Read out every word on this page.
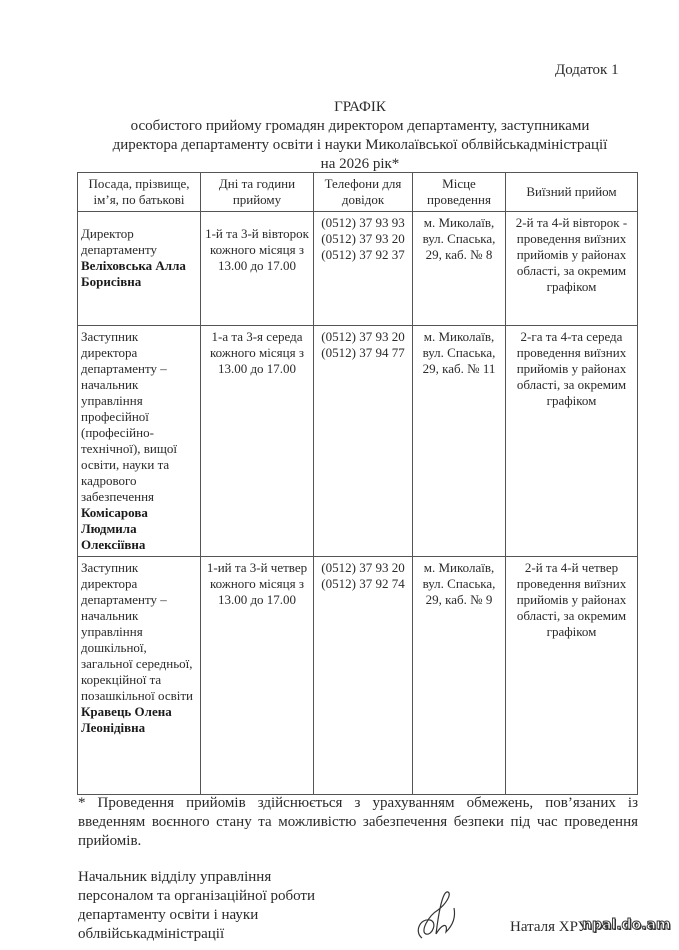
Додаток 1
ГРАФІК
особистого прийому громадян директором департаменту, заступниками
директора департаменту освіти і науки Миколаївської облвійськадміністрації
на 2026 рік*
Посада, прізвище, ім’я, по батькові	Дні та години прийому	Телефони для довідок	Місце проведення	Виїзний прийом
Директор департаменту
Веліховська Алла Борисівна	1-й та 3-й вівторок кожного місяця з 13.00 до 17.00	(0512) 37 93 93 (0512) 37 93 20 (0512) 37 92 37	м. Миколаїв, вул. Спаська, 29, каб. № 8	2-й та 4-й вівторок - проведення виїзних прийомів у районах області, за окремим графіком
Заступник директора департаменту – начальник управління професійної (професійно-технічної), вищої освіти, науки та кадрового забезпечення
Комісарова Людмила Олексіївна	1-а та 3-я середа кожного місяця з 13.00 до 17.00	(0512) 37 93 20 (0512) 37 94 77	м. Миколаїв, вул. Спаська, 29, каб. № 11	2-га та 4-та середа проведення виїзних прийомів у районах області, за окремим графіком
Заступник директора департаменту – начальник управління дошкільної, загальної середньої, корекційної та позашкільної освіти
Кравець Олена Леонідівна	1-ий та 3-й четвер кожного місяця з 13.00 до 17.00	(0512) 37 93 20 (0512) 37 92 74	м. Миколаїв, вул. Спаська, 29, каб. № 9	2-й та 4-й четвер проведення виїзних прийомів у районах області, за окремим графіком
* Проведення прийомів здійснюється з урахуванням обмежень, пов’язаних із введенням воєнного стану та можливістю забезпечення безпеки під час проведення прийомів.
Начальник відділу управління
персоналом та організаційної роботи
департаменту освіти і науки
облвійськадміністрації	Наталя ХРУ
npal.do.am
